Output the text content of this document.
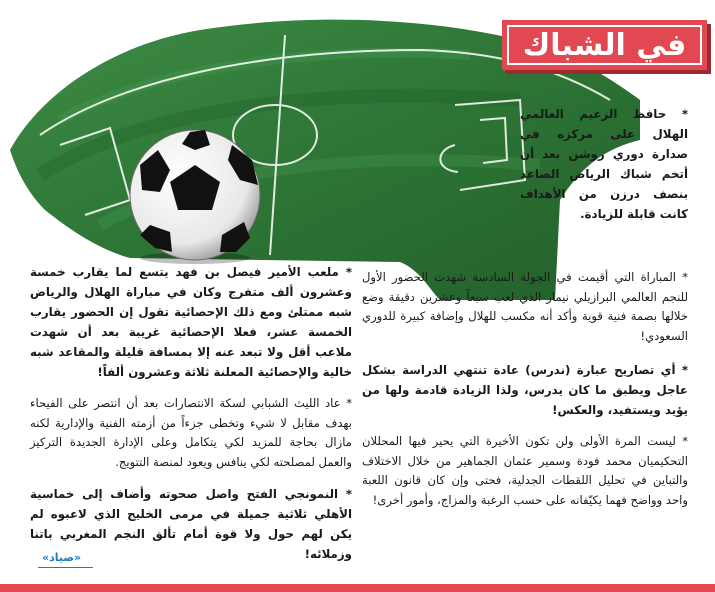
في الشباك

* حافظ الزعيم العالمي الهلال على مركزه في صدارة دوري روشن بعد أن أتخم شباك الرياض الصاعد بنصف درزن من الأهداف كانت قابلة للزيادة.

* المباراة التي أقيمت في الجولة السادسة شهدت الحضور الأول للنجم العالمي البرازيلي نيمار الذي لعب سبعاً وعشرين دقيقة وضع خلالها بصمة فنية قوية وأكد أنه مكسب للهلال وإضافة كبيرة للدوري السعودي!

* أي تصاريح عبارة (ندرس) عادة تنتهي الدراسة بشكل عاجل ويطبق ما كان يدرس، ولذا الزيادة قادمة ولها من يؤيد ويستفيد، والعكس!

* ليست المرة الأولى ولن تكون الأخيرة التي يحير فيها المحللان التحكيميان محمد فودة وسمير عثمان الجماهير من خلال الاختلاف والتباين في تحليل اللقطات الجدلية، فحتى وإن كان قانون اللعبة واحد وواضح فهما يكيّفانه على حسب الرغبة والمزاج، وأمور أخرى!

* ملعب الأمير فيصل بن فهد يتسع لما يقارب خمسة وعشرون ألف متفرج وكان في مباراة الهلال والرياض شبه ممتلئ ومع ذلك الإحصائية تقول إن الحضور يقارب الخمسة عشر، فعلا الإحصائية غريبة بعد أن شهدت ملاعب أقل ولا تبعد عنه إلا بمسافة قليلة والمقاعد شبه خالية والإحصائية المعلنة ثلاثة وعشرون ألفاً!

* عاد الليث الشبابي لسكة الانتصارات بعد أن انتصر على الفيحاء بهدف مقابل لا شيء وتخطى جزءاً من أزمته الفنية والإدارية لكنه مازال بحاجة للمزيد لكي يتكامل وعلى الإدارة الجديدة التركيز والعمل لمصلحته لكي ينافس ويعود لمنصة التتويج.

* النمونجي الفتح واصل صحوته وأضاف إلى خماسية الأهلي ثلاثية جميلة في مرمى الخليج الذي لاعبوه لم يكن لهم حول ولا قوة أمام تألق النجم المغربي باتنا وزملائه!

«صياد»
